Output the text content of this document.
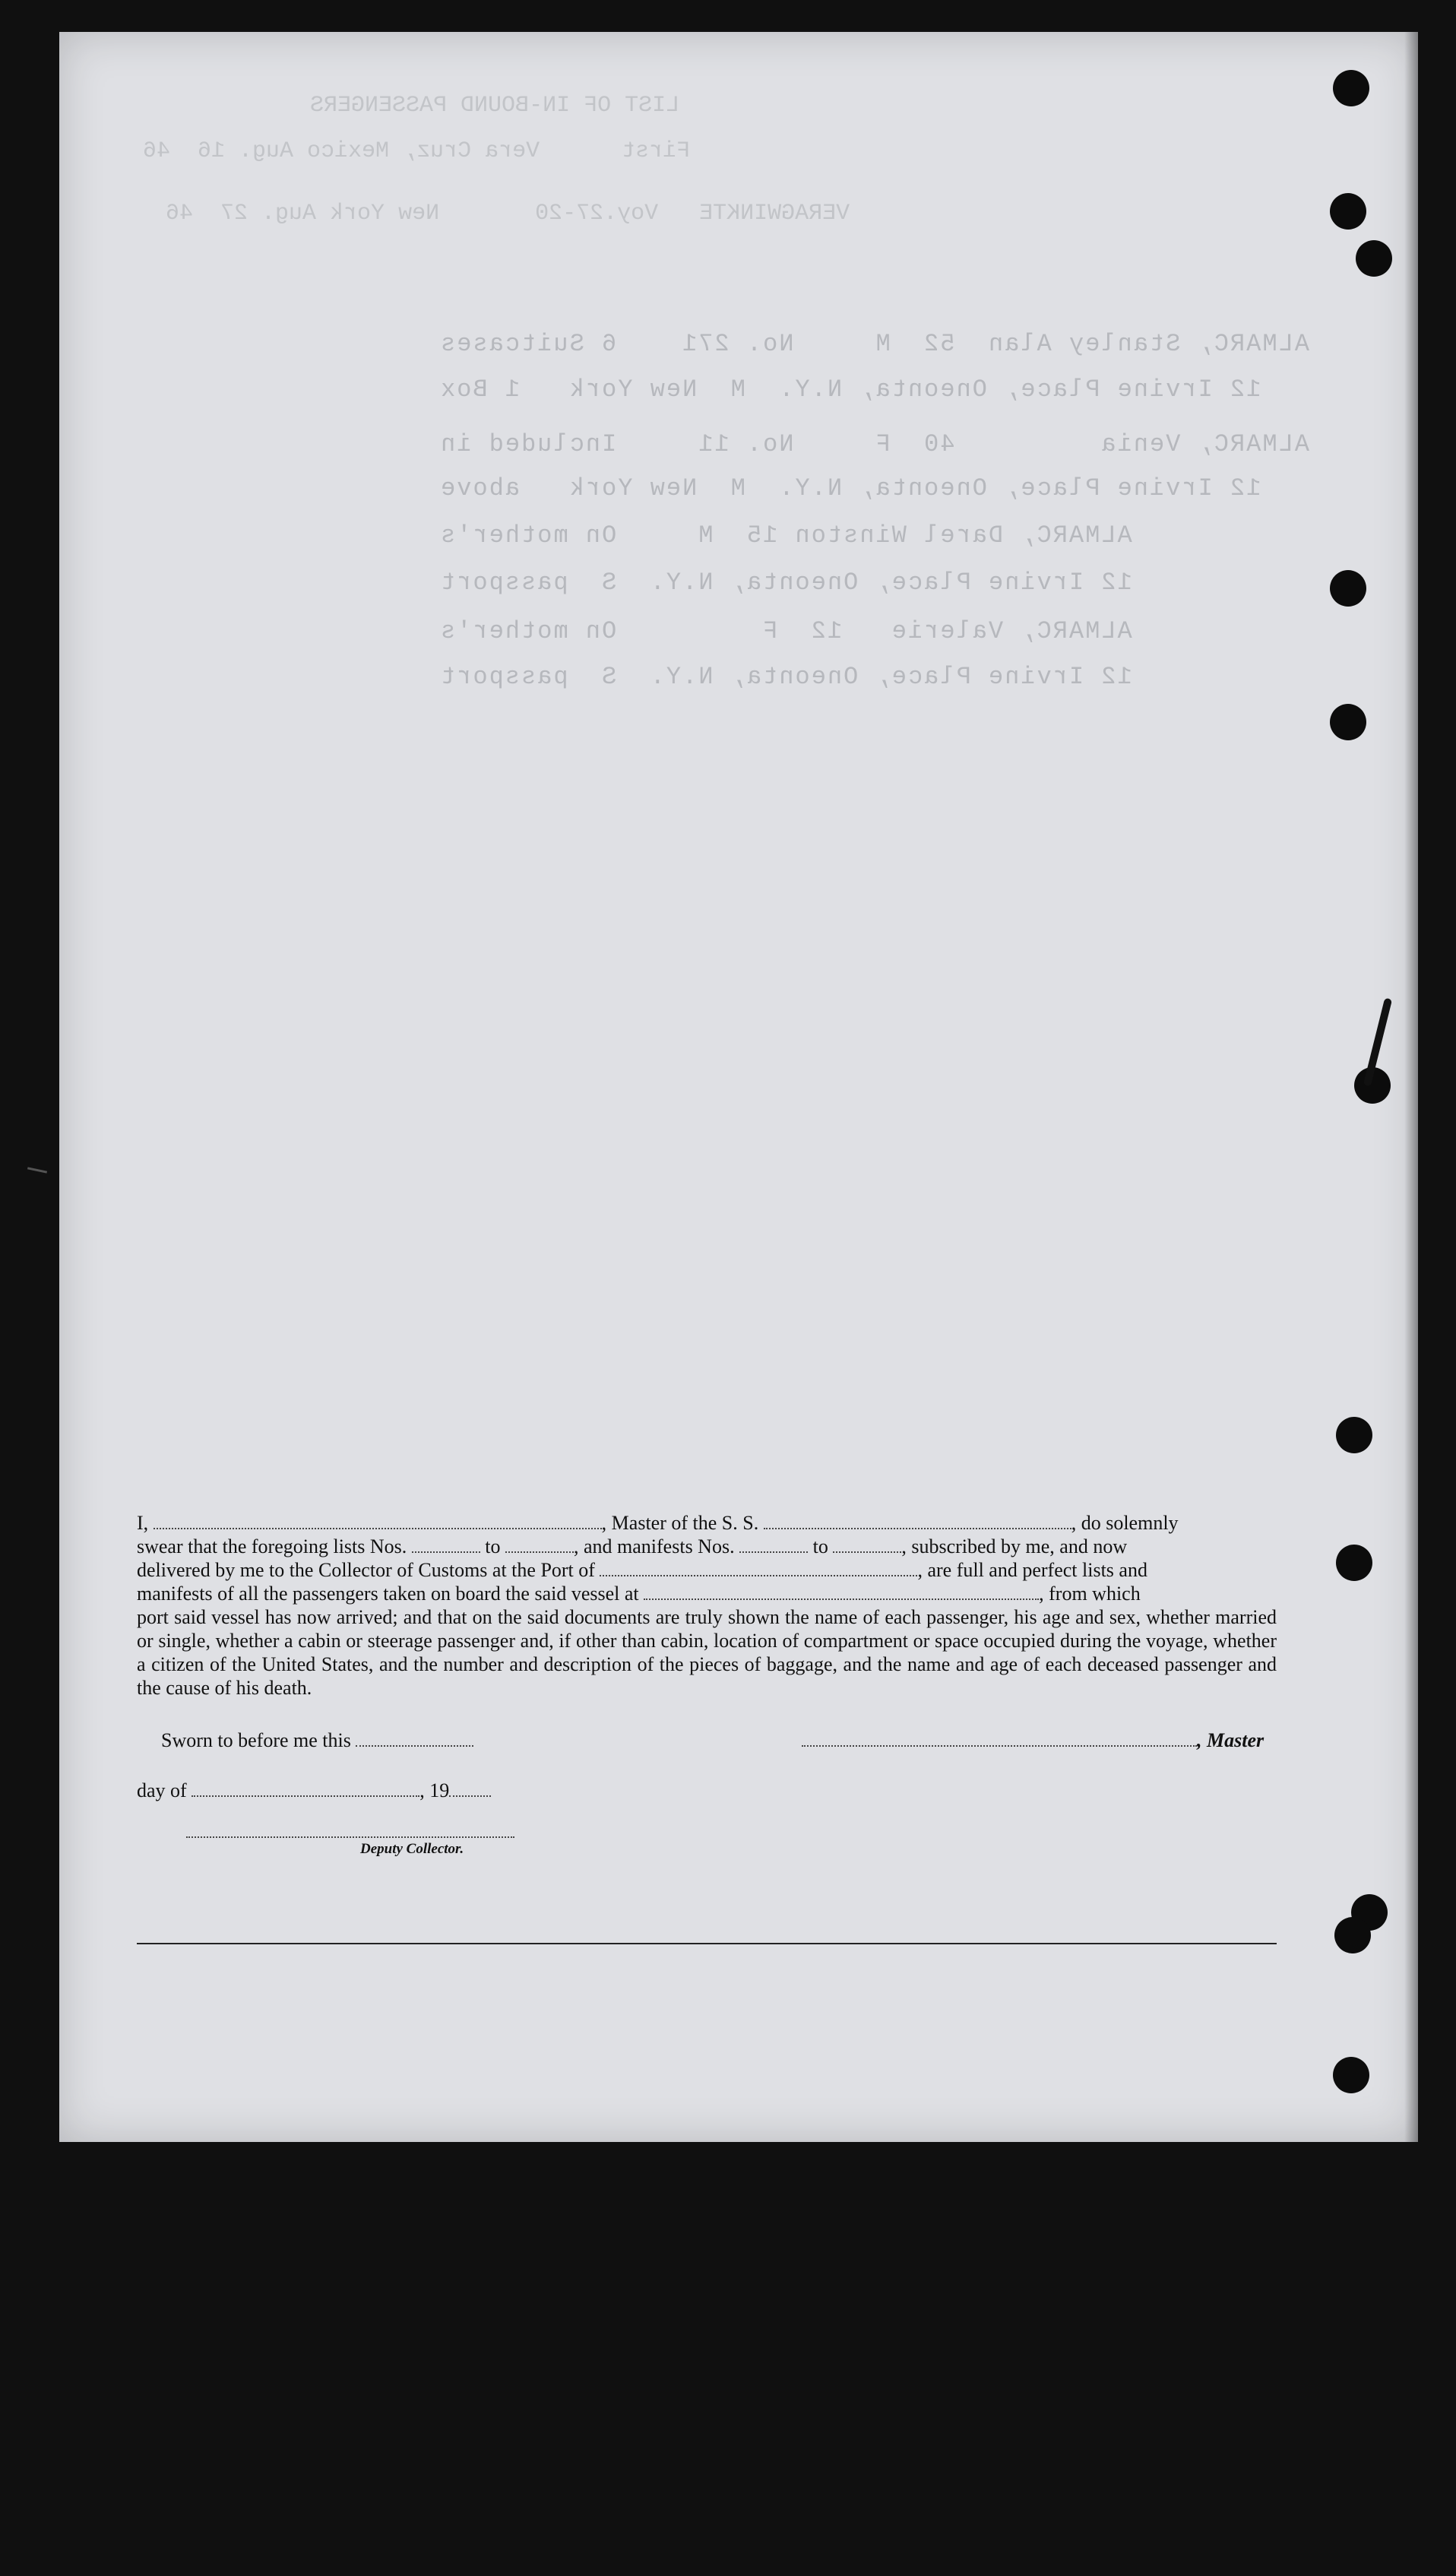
LIST OF IN-BOUND PASSENGERS
First      Vera Cruz, Mexico Aug. 16  46
VERAGWINKTE   Voy.27-20       New York Aug. 27  46
ALMARC, Stanley Alan  52  M     No. 271    6 Suitcases
12 Irvine Place, Oneonta, N.Y.  M  New York   1 Box
ALMARC, Venia         40  F     No. 11     Included in
12 Irvine Place, Oneonta, N.Y.  M  New York   above
ALMARC, Darel Winston 15  M     On mother's
12 Irvine Place, Oneonta, N.Y.  S  passport
ALMARC, Valerie   12  F         On mother's
12 Irvine Place, Oneonta, N.Y.  S  passport
I,	, Master of the S. S.	, do solemnly
swear that the foregoing lists Nos.	to	, and manifests Nos.	to	, subscribed by me, and now
delivered by me to the Collector of Customs at the Port of	, are full and perfect lists and
manifests of all the passengers taken on board the said vessel at	, from which
port said vessel has now arrived; and that on the said documents are truly shown the name of each passenger, his age and sex, whether married or single, whether a cabin or steerage passenger and, if other than cabin, location of compartment or space occupied during the voyage, whether a citizen of the United States, and the number and description of the pieces of baggage, and the name and age of each deceased passenger and the cause of his death.
Sworn to before me this	, Master
day of	, 19
Deputy Collector.
